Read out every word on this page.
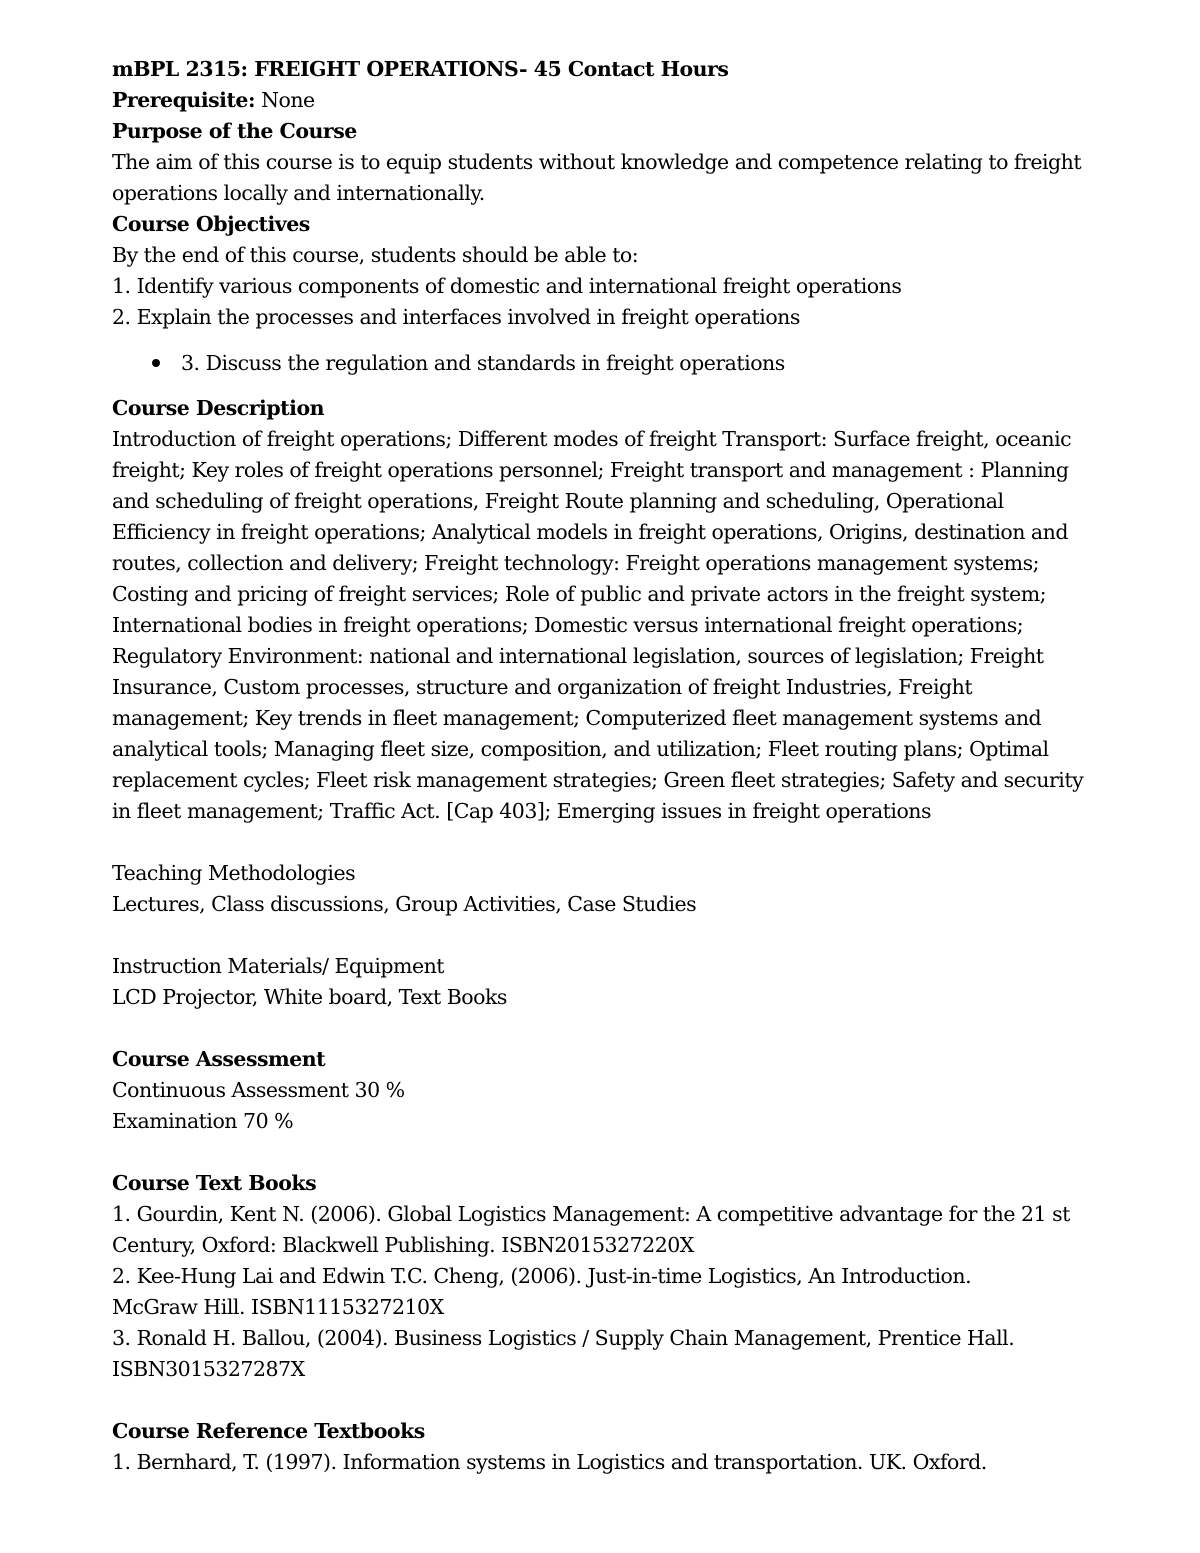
mBPL 2315: FREIGHT OPERATIONS- 45 Contact Hours
Prerequisite: None
Purpose of the Course
The aim of this course is to equip students without knowledge and competence relating to freight
operations locally and internationally.
Course Objectives
By the end of this course, students should be able to:
1. Identify various components of domestic and international freight operations
2. Explain the processes and interfaces involved in freight operations
3. Discuss the regulation and standards in freight operations
Course Description
Introduction of freight operations; Different modes of freight Transport: Surface freight, oceanic
freight; Key roles of freight operations personnel; Freight transport and management : Planning
and scheduling of freight operations, Freight Route planning and scheduling, Operational
Efficiency in freight operations; Analytical models in freight operations, Origins, destination and
routes, collection and delivery; Freight technology: Freight operations management systems;
Costing and pricing of freight services; Role of public and private actors in the freight system;
International bodies in freight operations; Domestic versus international freight operations;
Regulatory Environment: national and international legislation, sources of legislation; Freight
Insurance, Custom processes, structure and organization of freight Industries, Freight
management; Key trends in fleet management; Computerized fleet management systems and
analytical tools; Managing fleet size, composition, and utilization; Fleet routing plans; Optimal
replacement cycles; Fleet risk management strategies; Green fleet strategies; Safety and security
in fleet management; Traffic Act. [Cap 403]; Emerging issues in freight operations
Teaching Methodologies
Lectures, Class discussions, Group Activities, Case Studies
Instruction Materials/ Equipment
LCD Projector, White board, Text Books
Course Assessment
Continuous Assessment 30 %
Examination 70 %
Course Text Books
1. Gourdin, Kent N. (2006). Global Logistics Management: A competitive advantage for the 21 st
Century, Oxford: Blackwell Publishing. ISBN2015327220X
2. Kee-Hung Lai and Edwin T.C. Cheng, (2006). Just-in-time Logistics, An Introduction.
McGraw Hill. ISBN1115327210X
3. Ronald H. Ballou, (2004). Business Logistics / Supply Chain Management, Prentice Hall.
ISBN3015327287X
Course Reference Textbooks
1. Bernhard, T. (1997). Information systems in Logistics and transportation. UK. Oxford.
